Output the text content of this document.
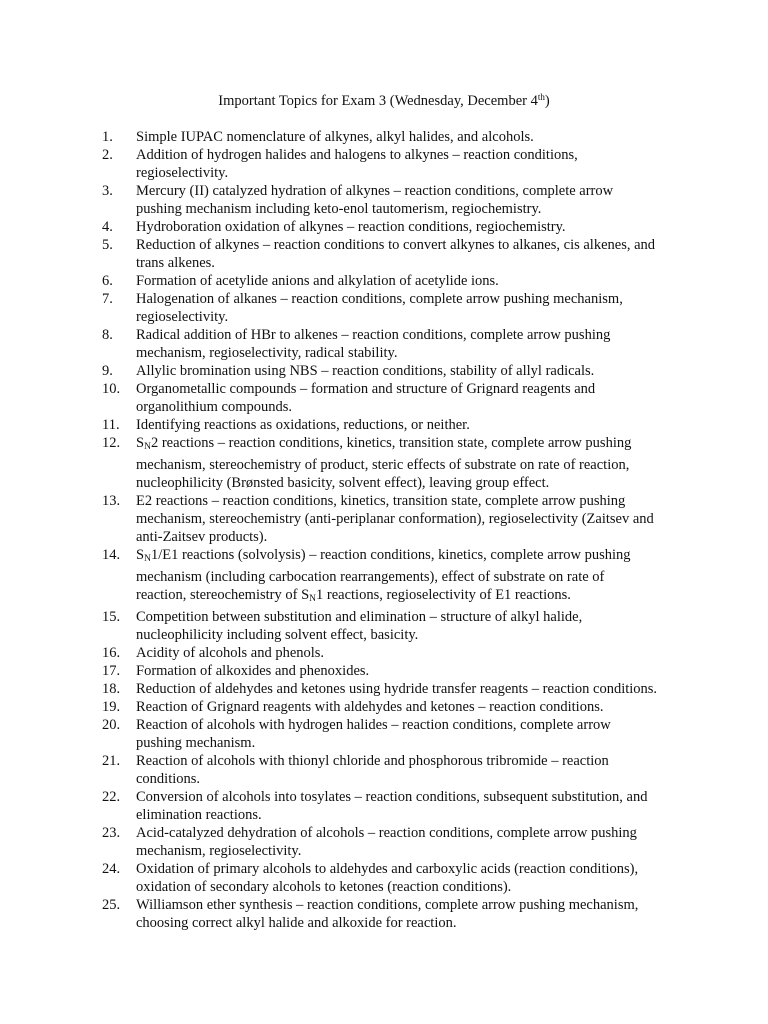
Important Topics for Exam 3 (Wednesday, December 4th)
1. Simple IUPAC nomenclature of alkynes, alkyl halides, and alcohols.
2. Addition of hydrogen halides and halogens to alkynes – reaction conditions,
regioselectivity.
3. Mercury (II) catalyzed hydration of alkynes – reaction conditions, complete arrow
pushing mechanism including keto-enol tautomerism, regiochemistry.
4. Hydroboration oxidation of alkynes – reaction conditions, regiochemistry.
5. Reduction of alkynes – reaction conditions to convert alkynes to alkanes, cis alkenes, and
trans alkenes.
6. Formation of acetylide anions and alkylation of acetylide ions.
7. Halogenation of alkanes – reaction conditions, complete arrow pushing mechanism,
regioselectivity.
8. Radical addition of HBr to alkenes – reaction conditions, complete arrow pushing
mechanism, regioselectivity, radical stability.
9. Allylic bromination using NBS – reaction conditions, stability of allyl radicals.
10. Organometallic compounds – formation and structure of Grignard reagents and
organolithium compounds.
11. Identifying reactions as oxidations, reductions, or neither.
12. $S_N2$ reactions – reaction conditions, kinetics, transition state, complete arrow pushing
mechanism, stereochemistry of product, steric effects of substrate on rate of reaction,
nucleophilicity (Brønsted basicity, solvent effect), leaving group effect.
13. E2 reactions – reaction conditions, kinetics, transition state, complete arrow pushing
mechanism, stereochemistry (anti-periplanar conformation), regioselectivity (Zaitsev and
anti-Zaitsev products).
14. $S_N1/E1$ reactions (solvolysis) – reaction conditions, kinetics, complete arrow pushing
mechanism (including carbocation rearrangements), effect of substrate on rate of
reaction, stereochemistry of $S_N1$ reactions, regioselectivity of E1 reactions.
15. Competition between substitution and elimination – structure of alkyl halide,
nucleophilicity including solvent effect, basicity.
16. Acidity of alcohols and phenols.
17. Formation of alkoxides and phenoxides.
18. Reduction of aldehydes and ketones using hydride transfer reagents – reaction conditions.
19. Reaction of Grignard reagents with aldehydes and ketones – reaction conditions.
20. Reaction of alcohols with hydrogen halides – reaction conditions, complete arrow
pushing mechanism.
21. Reaction of alcohols with thionyl chloride and phosphorous tribromide – reaction
conditions.
22. Conversion of alcohols into tosylates – reaction conditions, subsequent substitution, and
elimination reactions.
23. Acid-catalyzed dehydration of alcohols – reaction conditions, complete arrow pushing
mechanism, regioselectivity.
24. Oxidation of primary alcohols to aldehydes and carboxylic acids (reaction conditions),
oxidation of secondary alcohols to ketones (reaction conditions).
25. Williamson ether synthesis – reaction conditions, complete arrow pushing mechanism,
choosing correct alkyl halide and alkoxide for reaction.
